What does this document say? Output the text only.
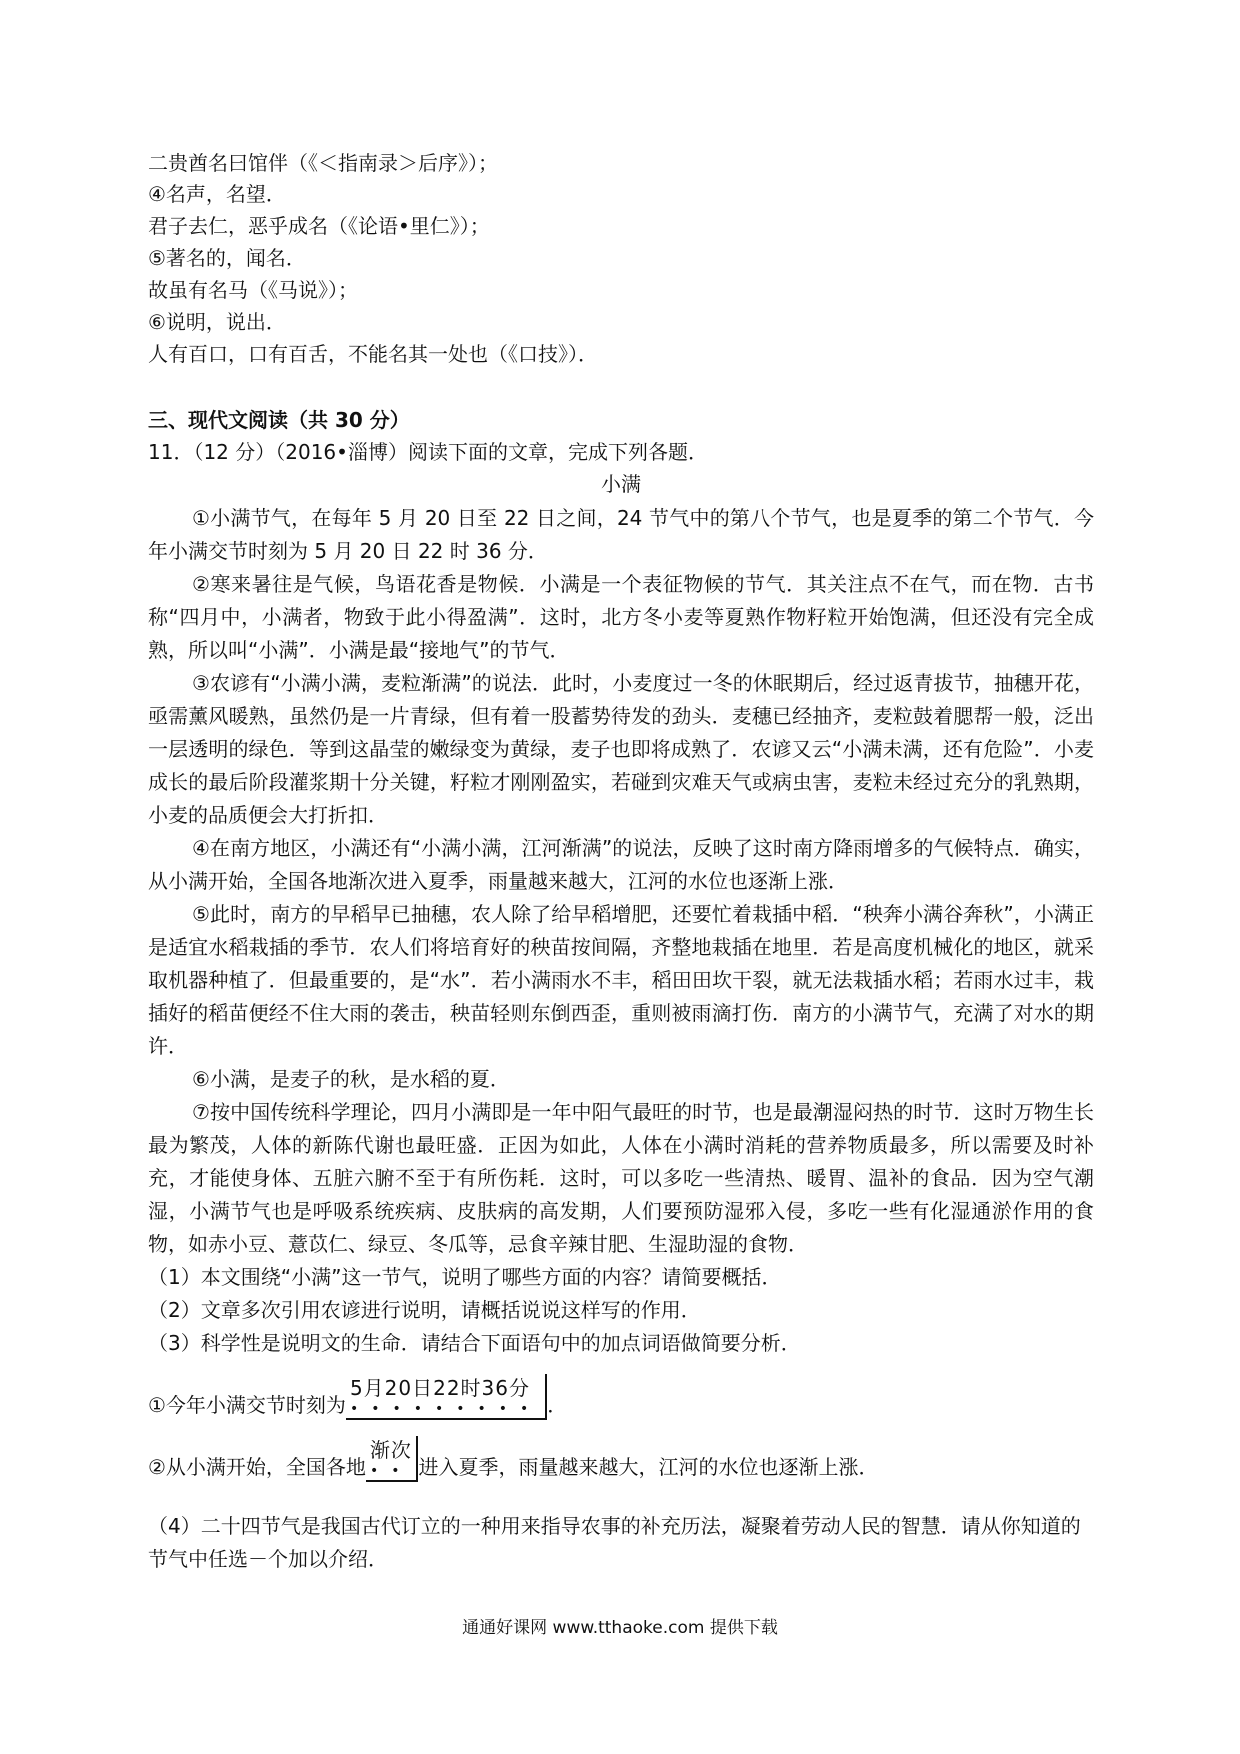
二贵酋名曰馆伴（《＜指南录＞后序》）；
④名声，名望．
君子去仁，恶乎成名（《论语•里仁》）；
⑤著名的，闻名．
故虽有名马（《马说》）；
⑥说明，说出．
人有百口，口有百舌，不能名其一处也（《口技》）．
三、现代文阅读（共 30 分）
11．（12 分）（2016•淄博）阅读下面的文章，完成下列各题．
小满

①小满节气，在每年 5 月 20 日至 22 日之间，24 节气中的第八个节气，也是夏季的第二个节气．今年小满交节时刻为 5 月 20 日 22 时 36 分．

②寒来暑往是气候，鸟语花香是物候．小满是一个表征物候的节气．其关注点不在气，而在物．古书称“四月中，小满者，物致于此小得盈满”．这时，北方冬小麦等夏熟作物籽粒开始饱满，但还没有完全成熟，所以叫“小满”．小满是最“接地气”的节气．

③农谚有“小满小满，麦粒渐满”的说法．此时，小麦度过一冬的休眠期后，经过返青拔节，抽穗开花，亟需薰风暖熟，虽然仍是一片青绿，但有着一股蓄势待发的劲头．麦穗已经抽齐，麦粒鼓着腮帮一般，泛出一层透明的绿色．等到这晶莹的嫩绿变为黄绿，麦子也即将成熟了．农谚又云“小满未满，还有危险”．小麦成长的最后阶段灌浆期十分关键，籽粒才刚刚盈实，若碰到灾难天气或病虫害，麦粒未经过充分的乳熟期，小麦的品质便会大打折扣．

④在南方地区，小满还有“小满小满，江河渐满”的说法，反映了这时南方降雨增多的气候特点．确实，从小满开始，全国各地渐次进入夏季，雨量越来越大，江河的水位也逐渐上涨．

⑤此时，南方的早稻早已抽穗，农人除了给早稻增肥，还要忙着栽插中稻．“秧奔小满谷奔秋”，小满正是适宜水稻栽插的季节．农人们将培育好的秧苗按间隔，齐整地栽插在地里．若是高度机械化的地区，就采取机器种植了．但最重要的，是“水”．若小满雨水不丰，稻田田坎干裂，就无法栽插水稻；若雨水过丰，栽插好的稻苗便经不住大雨的袭击，秧苗轻则东倒西歪，重则被雨滴打伤．南方的小满节气，充满了对水的期许．

⑥小满，是麦子的秋，是水稻的夏．

⑦按中国传统科学理论，四月小满即是一年中阳气最旺的时节，也是最潮湿闷热的时节．这时万物生长最为繁茂，人体的新陈代谢也最旺盛．正因为如此，人体在小满时消耗的营养物质最多，所以需要及时补充，才能使身体、五脏六腑不至于有所伤耗．这时，可以多吃一些清热、暖胃、温补的食品．因为空气潮湿，小满节气也是呼吸系统疾病、皮肤病的高发期，人们要预防湿邪入侵，多吃一些有化湿通淤作用的食物，如赤小豆、薏苡仁、绿豆、冬瓜等，忌食辛辣甘肥、生湿助湿的食物．

（1）本文围绕“小满”这一节气，说明了哪些方面的内容？请简要概括．

（2）文章多次引用农谚进行说明，请概括说说这样写的作用．

（3）科学性是说明文的生命．请结合下面语句中的加点词语做简要分析．

①今年小满交节时刻为
5月20日22时36分
••••••••• ．
②从小满开始，全国各地
渐次
•• 进入夏季，雨量越来越大，江河的水位也逐渐上涨．

（4）二十四节气是我国古代订立的一种用来指导农事的补充历法，凝聚着劳动人民的智慧．请从你知道的节气中任选－个加以介绍．

通通好课网 www.tthaoke.com 提供下载
